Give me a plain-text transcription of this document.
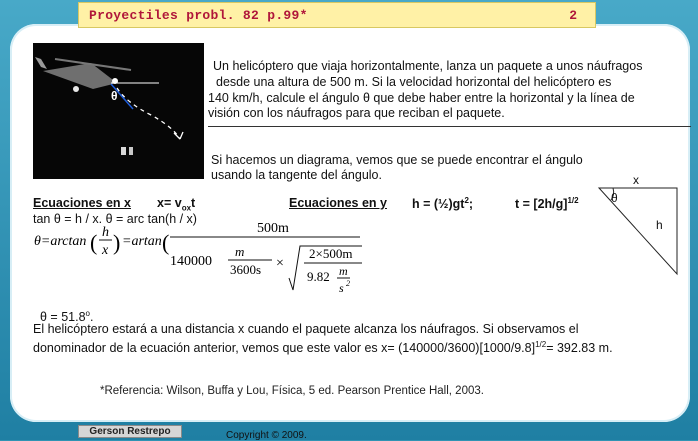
Proyectiles probl. 82 p.99*	2
θ
Un helicóptero que viaja horizontalmente, lanza un paquete a unos náufragos
desde una altura de 500 m. Si la velocidad horizontal del helicóptero es
140 km/h, calcule el ángulo θ que debe haber entre la horizontal y la línea de
visión con los náufragos para que reciban el paquete.
Si hacemos un diagrama, vemos que se puede encontrar el ángulo
usando la tangente del ángulo.
Ecuaciones en x $x= v_{ox}t$	Ecuaciones en y $h = (\frac{1}{2})gt^2$;	$t = [2h/g]^{1/2}$
tan θ = h / x. θ = arc tan(h / x)
θ=arctan ( h
x ) =artan (
500m
140000
m
3600s ×
2×500m
9.82 m
s 2
$\theta = 51.8^o$.
El helicóptero estará a una distancia x cuando el paquete alcanza los náufragos. Si observamos el
donominador de la ecuación anterior, vemos que este valor es $x= (140000/3600)[1000/9.8]^{1/2}= 392.83$ m.
x
θ
h
*Referencia: Wilson, Buffa y Lou, Física, 5 ed. Pearson Prentice Hall, 2003.
Gerson Restrepo	Copyright © 2009.
